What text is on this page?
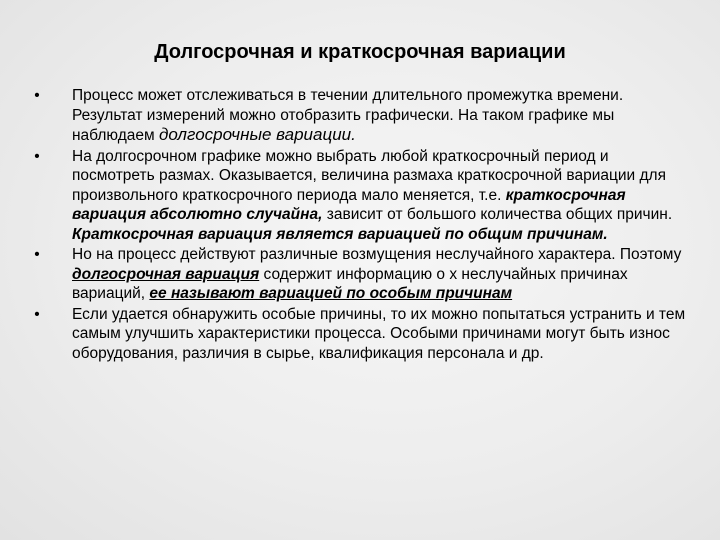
Долгосрочная и краткосрочная вариации
• Процесс может отслеживаться в течении длительного промежутка времени. Результат измерений можно отобразить графически. На таком графике мы наблюдаем долгосрочные вариации.
• На долгосрочном графике можно выбрать любой краткосрочный период и посмотреть размах. Оказывается, величина размаха краткосрочной вариации для произвольного краткосрочного периода мало меняется, т.е. краткосрочная вариация абсолютно случайна, зависит от большого количества общих причин. Краткосрочная вариация является вариацией по общим причинам.
• Но на процесс действуют различные возмущения неслучайного характера. Поэтому долгосрочная вариация содержит информацию о х неслучайных причинах вариаций, ее называют вариацией по особым причинам
• Если удается обнаружить особые причины, то их можно попытаться устранить и тем самым улучшить характеристики процесса. Особыми причинами могут быть износ оборудования, различия в сырье, квалификация персонала и др.
